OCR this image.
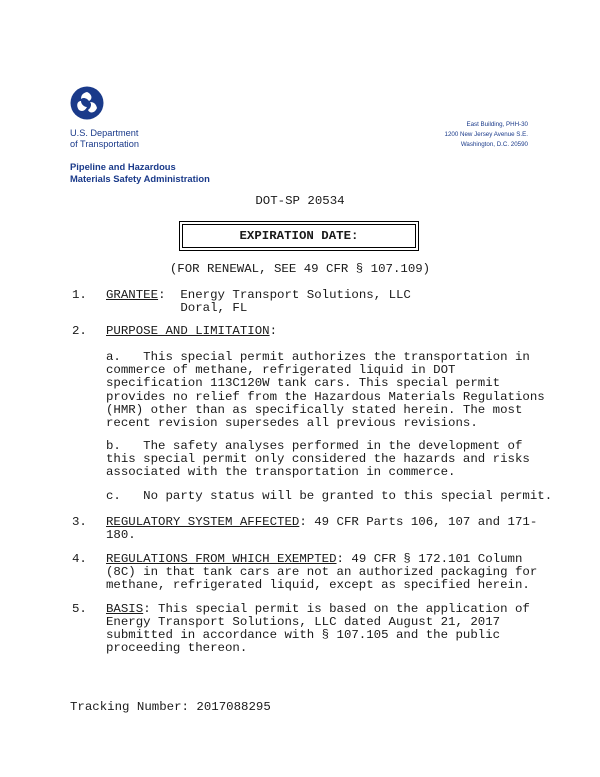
U.S. Department
of Transportation
East Building, PHH-30
1200 New Jersey Avenue S.E.
Washington, D.C. 20590
Pipeline and Hazardous
Materials Safety Administration
DOT-SP 20534
EXPIRATION DATE:
(FOR RENEWAL, SEE 49 CFR § 107.109)
1. GRANTEE:  Energy Transport Solutions, LLC
Doral, FL
2. PURPOSE AND LIMITATION:
a.   This special permit authorizes the transportation in
commerce of methane, refrigerated liquid in DOT
specification 113C120W tank cars. This special permit
provides no relief from the Hazardous Materials Regulations
(HMR) other than as specifically stated herein. The most
recent revision supersedes all previous revisions.
b.   The safety analyses performed in the development of
this special permit only considered the hazards and risks
associated with the transportation in commerce.
c.   No party status will be granted to this special permit.
3. REGULATORY SYSTEM AFFECTED: 49 CFR Parts 106, 107 and 171-
180.
4. REGULATIONS FROM WHICH EXEMPTED: 49 CFR § 172.101 Column
(8C) in that tank cars are not an authorized packaging for
methane, refrigerated liquid, except as specified herein.
5. BASIS: This special permit is based on the application of
Energy Transport Solutions, LLC dated August 21, 2017
submitted in accordance with § 107.105 and the public
proceeding thereon.
Tracking Number: 2017088295
